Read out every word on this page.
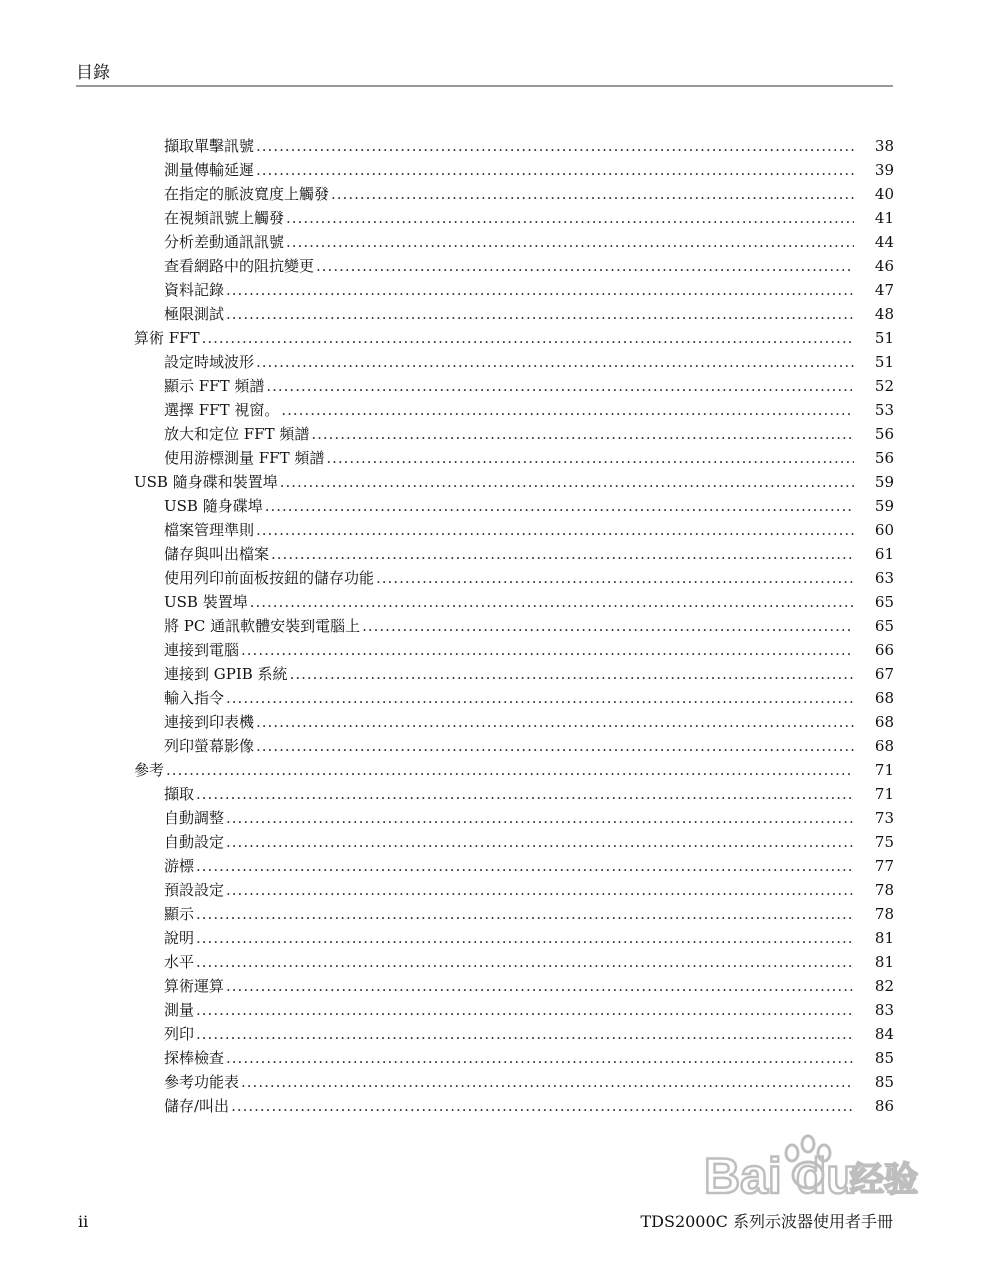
目錄
擷取單擊訊號 .....	38
測量傳輸延遲 .....	39
在指定的脈波寬度上觸發 .....	40
在視頻訊號上觸發 .....	41
分析差動通訊訊號 .....	44
查看網路中的阻抗變更 .....	46
資料記錄 .....	47
極限測試 .....	48
算術 FFT .....	51
設定時域波形 .....	51
顯示 FFT 頻譜 .....	52
選擇 FFT 視窗。 .....	53
放大和定位 FFT 頻譜 .....	56
使用游標測量 FFT 頻譜 .....	56
USB 隨身碟和裝置埠 .....	59
USB 隨身碟埠 .....	59
檔案管理準則 .....	60
儲存與叫出檔案 .....	61
使用列印前面板按鈕的儲存功能 .....	63
USB 裝置埠 .....	65
將 PC 通訊軟體安裝到電腦上 .....	65
連接到電腦 .....	66
連接到 GPIB 系統 .....	67
輸入指令 .....	68
連接到印表機 .....	68
列印螢幕影像 .....	68
參考 .....	71
擷取 .....	71
自動調整 .....	73
自動設定 .....	75
游標 .....	77
預設設定 .....	78
顯示 .....	78
說明 .....	81
水平 .....	81
算術運算 .....	82
測量 .....	83
列印 .....	84
探棒檢查 .....	85
參考功能表 .....	85
儲存/叫出 .....	86
Bai du
经验
ii	TDS2000C 系列示波器使用者手冊
